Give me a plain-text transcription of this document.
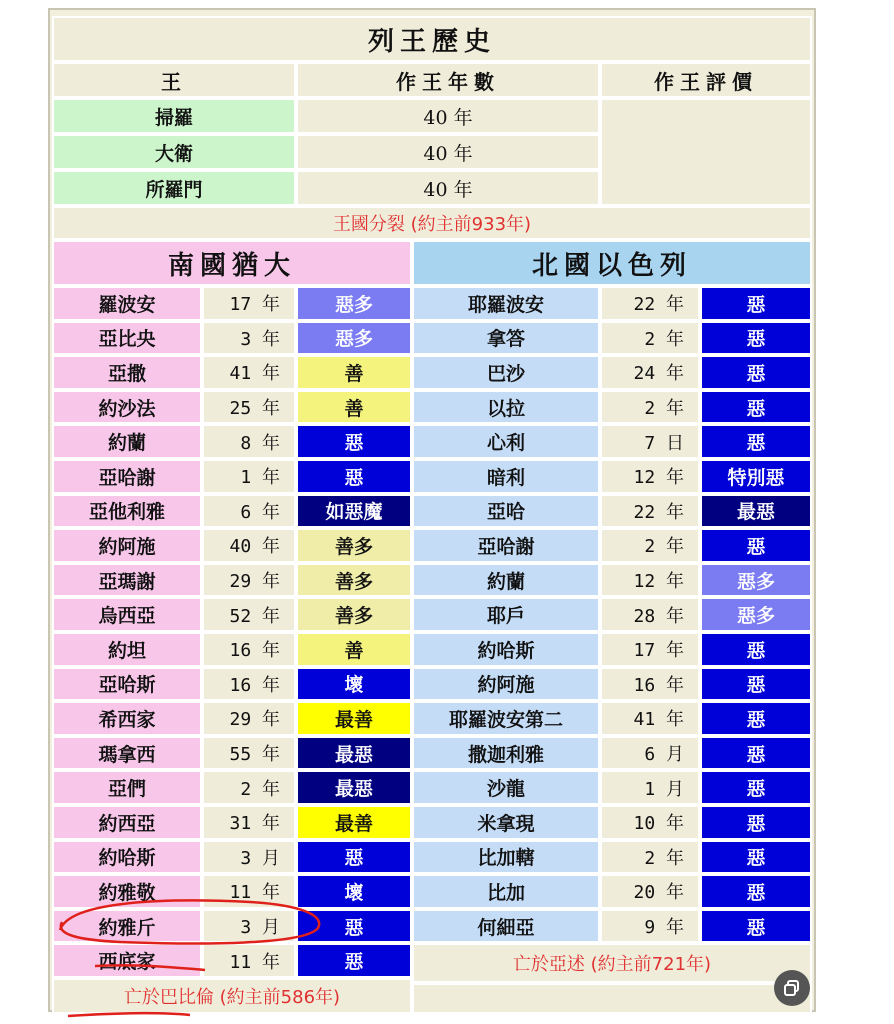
列王歷史
王	作王年數	作王評價
掃羅	40 年
大衛	40 年
所羅門	40 年
王國分裂 (約主前933年)
南國猶大	北國以色列
羅波安	17 年	惡多
亞比央	3 年	惡多
亞撒	41 年	善
約沙法	25 年	善
約蘭	8 年	惡
亞哈謝	1 年	惡
亞他利雅	6 年	如惡魔
約阿施	40 年	善多
亞瑪謝	29 年	善多
烏西亞	52 年	善多
約坦	16 年	善
亞哈斯	16 年	壞
希西家	29 年	最善
瑪拿西	55 年	最惡
亞們	2 年	最惡
約西亞	31 年	最善
約哈斯	3 月	惡
約雅敬	11 年	壞
約雅斤	3 月	惡
西底家	11 年	惡
耶羅波安	22 年	惡
拿答	2 年	惡
巴沙	24 年	惡
以拉	2 年	惡
心利	7 日	惡
暗利	12 年	特別惡
亞哈	22 年	最惡
亞哈謝	2 年	惡
約蘭	12 年	惡多
耶戶	28 年	惡多
約哈斯	17 年	惡
約阿施	16 年	惡
耶羅波安第二	41 年	惡
撒迦利雅	6 月	惡
沙龍	1 月	惡
米拿現	10 年	惡
比加轄	2 年	惡
比加	20 年	惡
何細亞	9 年	惡
亡於亞述 (約主前721年)
亡於巴比倫 (約主前586年)
